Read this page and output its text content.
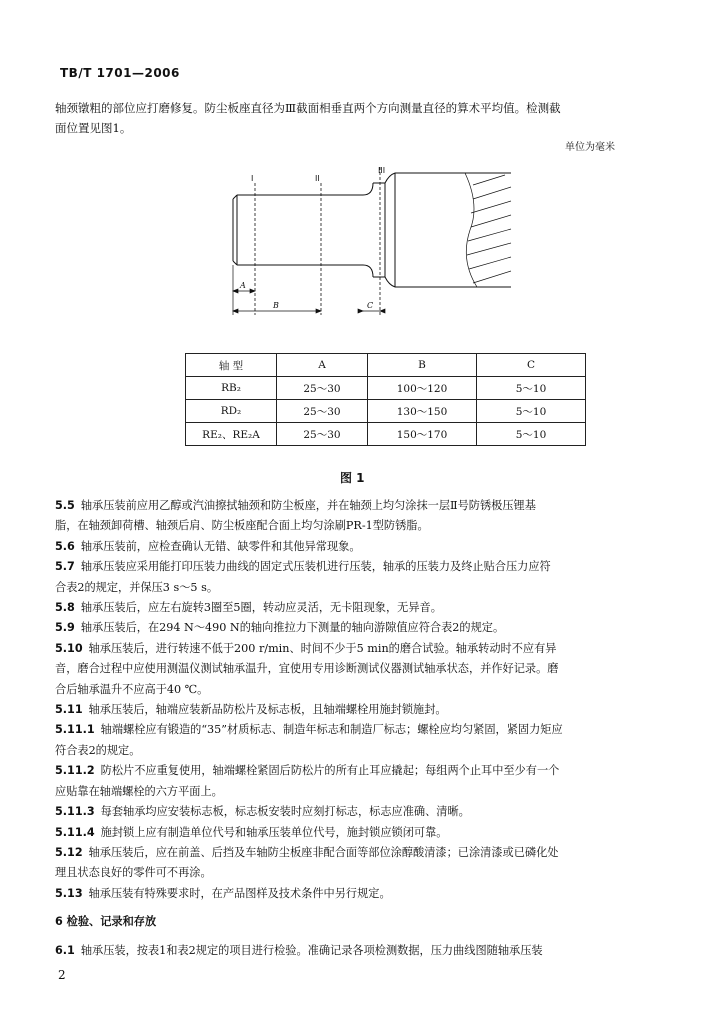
TB/T 1701—2006

轴颈镦粗的部位应打磨修复。防尘板座直径为Ⅲ截面相垂直两个方向测量直径的算术平均值。检测截

面位置见图1。

单位为毫米
I	II
III
A
B	C
轴 型	A	B	C
RB₂	25～30	100～120	5～10
RD₂	25～30	130～150	5～10
RE₂、RE₂A	25～30	150～170	5～10
图 1

5.5 轴承压装前应用乙醇或汽油擦拭轴颈和防尘板座，并在轴颈上均匀涂抹一层Ⅱ号防锈极压锂基

脂，在轴颈卸荷槽、轴颈后肩、防尘板座配合面上均匀涂刷PR-1型防锈脂。

5.6 轴承压装前，应检查确认无错、缺零件和其他异常现象。

5.7 轴承压装应采用能打印压装力曲线的固定式压装机进行压装，轴承的压装力及终止贴合压力应符

合表2的规定，并保压3 s～5 s。

5.8 轴承压装后，应左右旋转3圈至5圈，转动应灵活，无卡阻现象，无异音。

5.9 轴承压装后，在294 N～490 N的轴向推拉力下测量的轴向游隙值应符合表2的规定。

5.10 轴承压装后，进行转速不低于200 r/min、时间不少于5 min的磨合试验。轴承转动时不应有异

音，磨合过程中应使用测温仪测试轴承温升，宜使用专用诊断测试仪器测试轴承状态，并作好记录。磨

合后轴承温升不应高于40 ℃。

5.11 轴承压装后，轴端应装新品防松片及标志板，且轴端螺栓用施封锁施封。

5.11.1 轴端螺栓应有锻造的“35”材质标志、制造年标志和制造厂标志；螺栓应均匀紧固，紧固力矩应

符合表2的规定。

5.11.2 防松片不应重复使用，轴端螺栓紧固后防松片的所有止耳应撬起；每组两个止耳中至少有一个

应贴靠在轴端螺栓的六方平面上。

5.11.3 每套轴承均应安装标志板，标志板安装时应刻打标志，标志应准确、清晰。

5.11.4 施封锁上应有制造单位代号和轴承压装单位代号，施封锁应锁闭可靠。

5.12 轴承压装后，应在前盖、后挡及车轴防尘板座非配合面等部位涂醇酸清漆；已涂清漆或已磷化处

理且状态良好的零件可不再涂。

5.13 轴承压装有特殊要求时，在产品图样及技术条件中另行规定。

6 检验、记录和存放

6.1 轴承压装，按表1和表2规定的项目进行检验。准确记录各项检测数据，压力曲线图随轴承压装

2
